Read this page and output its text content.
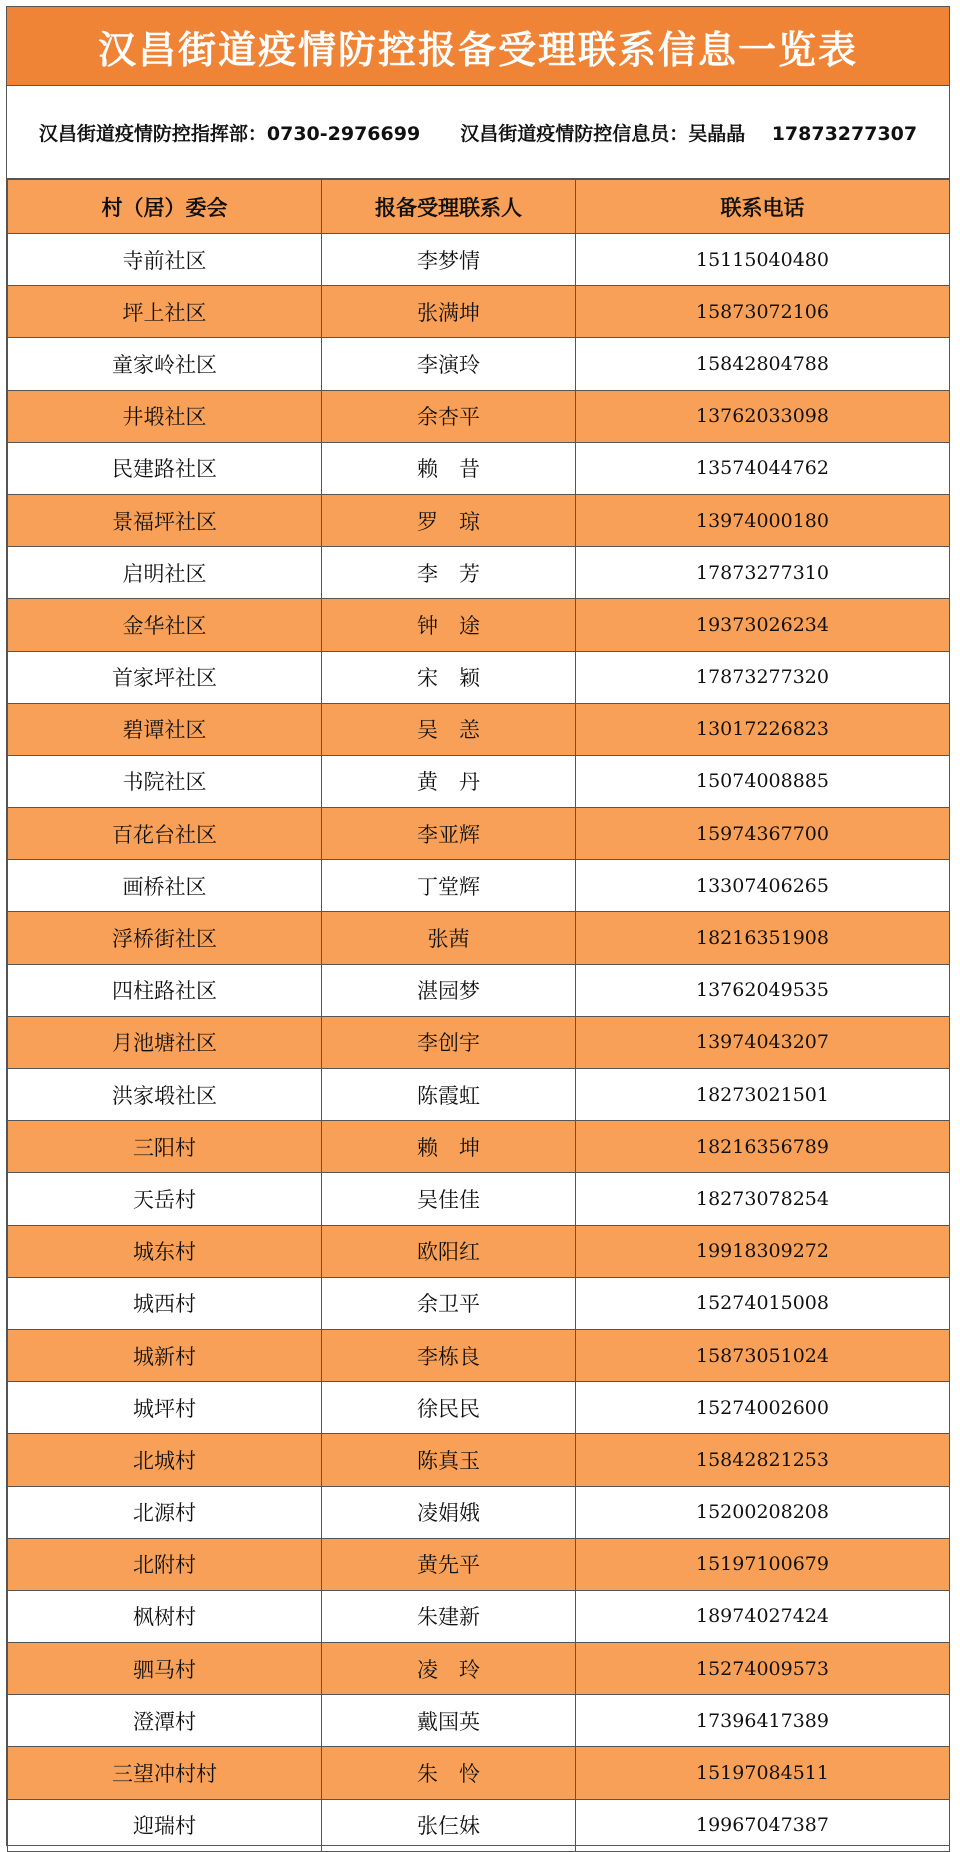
汉昌街道疫情防控报备受理联系信息一览表
汉昌街道疫情防控指挥部：0730-2976699 汉昌街道疫情防控信息员：吴晶晶 17873277307
村（居）委会	报备受理联系人	联系电话
寺前社区	李梦情	15115040480
坪上社区	张满坤	15873072106
童家岭社区	李演玲	15842804788
井塅社区	余杏平	13762033098
民建路社区	赖　昔	13574044762
景福坪社区	罗　琼	13974000180
启明社区	李　芳	17873277310
金华社区	钟　途	19373026234
首家坪社区	宋　颖	17873277320
碧谭社区	吴　恙	13017226823
书院社区	黄　丹	15074008885
百花台社区	李亚辉	15974367700
画桥社区	丁堂辉	13307406265
浮桥街社区	张茜	18216351908
四柱路社区	湛园梦	13762049535
月池塘社区	李创宇	13974043207
洪家塅社区	陈霞虹	18273021501
三阳村	赖　坤	18216356789
天岳村	吴佳佳	18273078254
城东村	欧阳红	19918309272
城西村	余卫平	15274015008
城新村	李栋良	15873051024
城坪村	徐民民	15274002600
北城村	陈真玉	15842821253
北源村	凌娟娥	15200208208
北附村	黄先平	15197100679
枫树村	朱建新	18974027424
驷马村	凌　玲	15274009573
澄潭村	戴国英	17396417389
三望冲村村	朱　怜	15197084511
迎瑞村	张仨妹	19967047387
